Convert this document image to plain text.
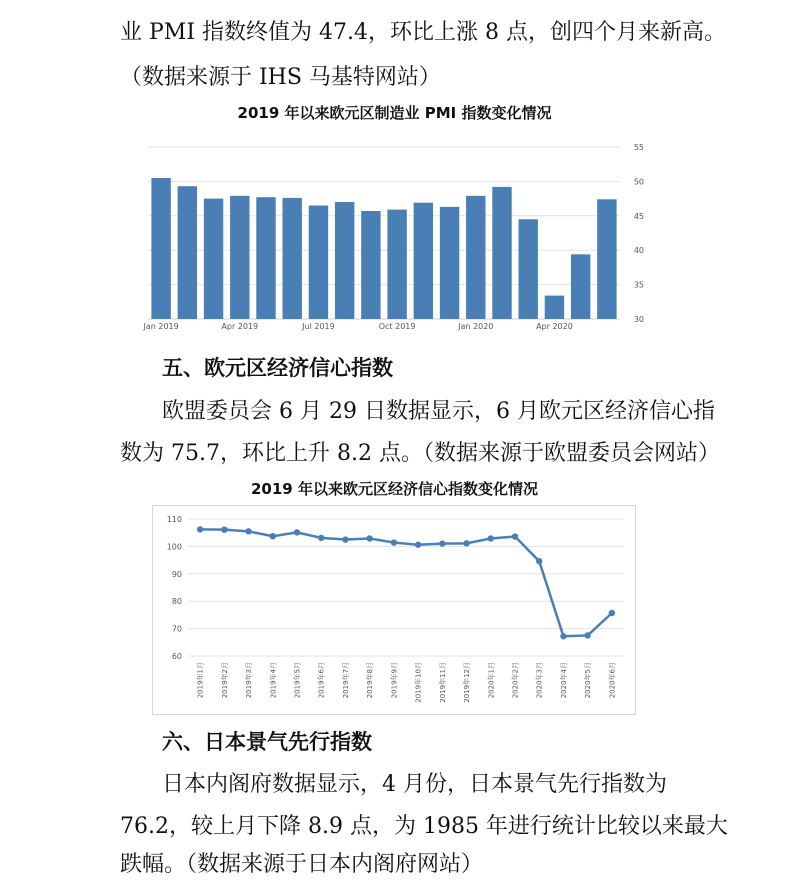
业 PMI 指数终值为 47.4，环比上涨 8 点，创四个月来新高。
（数据来源于 IHS 马基特网站）
2019 年以来欧元区制造业 PMI 指数变化情况
30
35
40
45
50
55
Jan 2019	Apr 2019	Jul 2019	Oct 2019	Jan 2020	Apr 2020
五、欧元区经济信心指数
欧盟委员会 6 月 29 日数据显示，6 月欧元区经济信心指
数为 75.7，环比上升 8.2 点。（数据来源于欧盟委员会网站）
2019 年以来欧元区经济信心指数变化情况
60
70
80
90
100
110
2019年1月 2019年2月 2019年3月 2019年4月 2019年5月 2019年6月 2019年7月 2019年8月 2019年9月 2019年10月 2019年11月 2019年12月 2020年1月 2020年2月 2020年3月 2020年4月 2020年5月 2020年6月
六、日本景气先行指数
日本内阁府数据显示，4 月份，日本景气先行指数为
76.2，较上月下降 8.9 点，为 1985 年进行统计比较以来最大
跌幅。（数据来源于日本内阁府网站）
